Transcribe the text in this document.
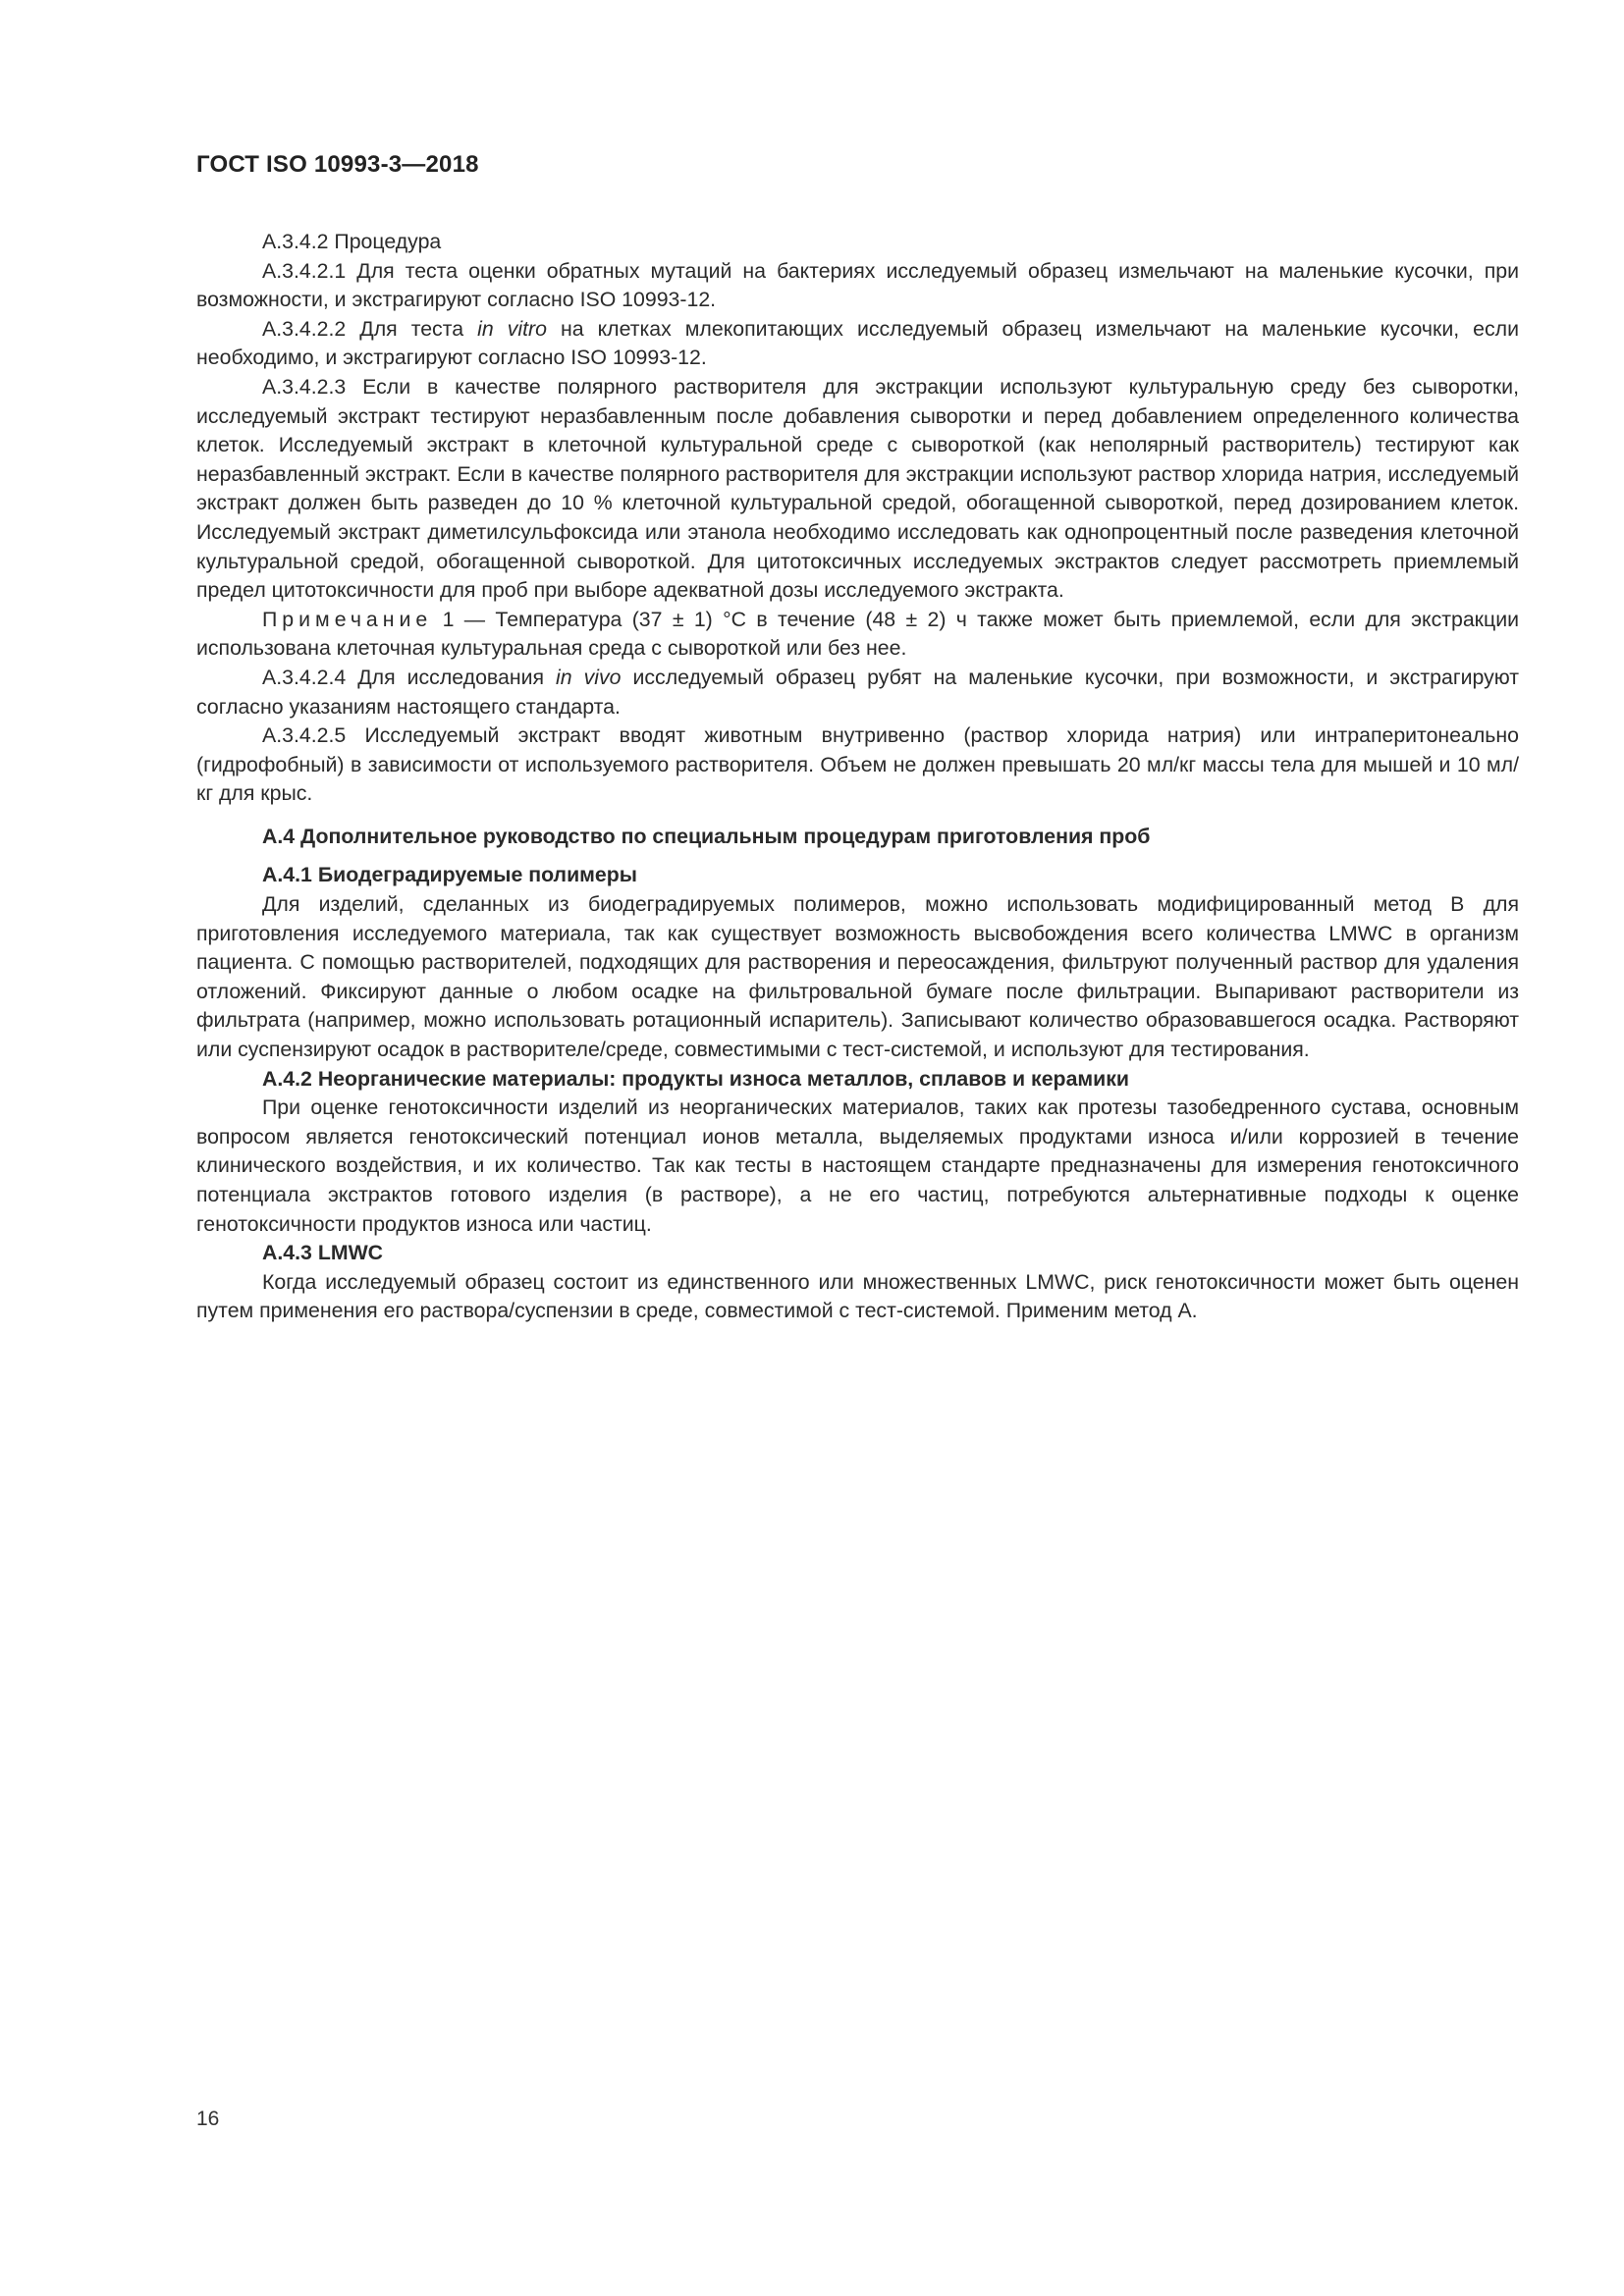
ГОСТ ISO 10993-3—2018

А.3.4.2 Процедура

А.3.4.2.1 Для теста оценки обратных мутаций на бактериях исследуемый образец измельчают на маленькие кусочки, при возможности, и экстрагируют согласно ISO 10993-12.

А.3.4.2.2 Для теста in vitro на клетках млекопитающих исследуемый образец измельчают на маленькие кусочки, если необходимо, и экстрагируют согласно ISO 10993-12.

А.3.4.2.3 Если в качестве полярного растворителя для экстракции используют культуральную среду без сыворотки, исследуемый экстракт тестируют неразбавленным после добавления сыворотки и перед добавлением определенного количества клеток. Исследуемый экстракт в клеточной культуральной среде с сывороткой (как неполярный растворитель) тестируют как неразбавленный экстракт. Если в качестве полярного растворителя для экстракции используют раствор хлорида натрия, исследуемый экстракт должен быть разведен до 10 % клеточной культуральной средой, обогащенной сывороткой, перед дозированием клеток. Исследуемый экстракт диметилсульфоксида или этанола необходимо исследовать как однопроцентный после разведения клеточной культуральной средой, обогащенной сывороткой. Для цитотоксичных исследуемых экстрактов следует рассмотреть приемлемый предел цитотоксичности для проб при выборе адекватной дозы исследуемого экстракта.

Примечание 1 — Температура (37 ± 1) °С в течение (48 ± 2) ч также может быть приемлемой, если для экстракции использована клеточная культуральная среда с сывороткой или без нее.

А.3.4.2.4 Для исследования in vivo исследуемый образец рубят на маленькие кусочки, при возможности, и экстрагируют согласно указаниям настоящего стандарта.

А.3.4.2.5 Исследуемый экстракт вводят животным внутривенно (раствор хлорида натрия) или интраперитонеально (гидрофобный) в зависимости от используемого растворителя. Объем не должен превышать 20 мл/кг массы тела для мышей и 10 мл/кг для крыс.

А.4 Дополнительное руководство по специальным процедурам приготовления проб

А.4.1 Биодеградируемые полимеры

Для изделий, сделанных из биодеградируемых полимеров, можно использовать модифицированный метод В для приготовления исследуемого материала, так как существует возможность высвобождения всего количества LMWC в организм пациента. С помощью растворителей, подходящих для растворения и переосаждения, фильтруют полученный раствор для удаления отложений. Фиксируют данные о любом осадке на фильтровальной бумаге после фильтрации. Выпаривают растворители из фильтрата (например, можно использовать ротационный испаритель). Записывают количество образовавшегося осадка. Растворяют или суспензируют осадок в растворителе/среде, совместимыми с тест-системой, и используют для тестирования.

А.4.2 Неорганические материалы: продукты износа металлов, сплавов и керамики

При оценке генотоксичности изделий из неорганических материалов, таких как протезы тазобедренного сустава, основным вопросом является генотоксический потенциал ионов металла, выделяемых продуктами износа и/или коррозией в течение клинического воздействия, и их количество. Так как тесты в настоящем стандарте предназначены для измерения генотоксичного потенциала экстрактов готового изделия (в растворе), а не его частиц, потребуются альтернативные подходы к оценке генотоксичности продуктов износа или частиц.

А.4.3 LMWC

Когда исследуемый образец состоит из единственного или множественных LMWC, риск генотоксичности может быть оценен путем применения его раствора/суспензии в среде, совместимой с тест-системой. Применим метод А.

16
